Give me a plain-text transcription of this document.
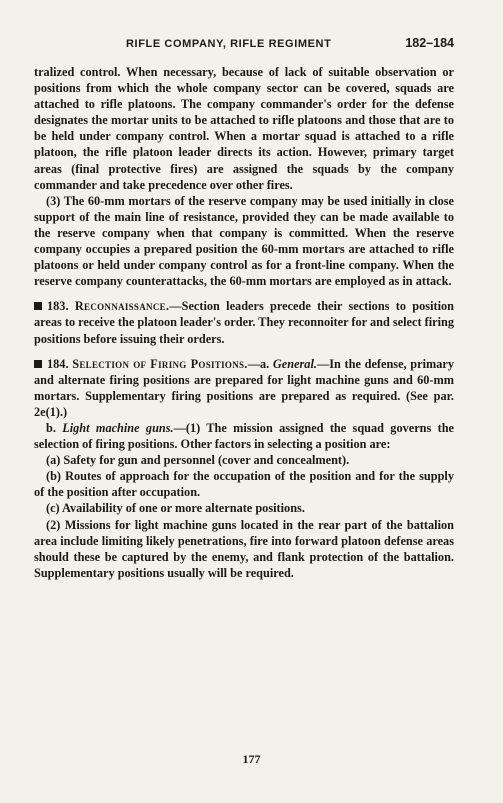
RIFLE COMPANY, RIFLE REGIMENT	182–184

tralized control. When necessary, because of lack of suitable observation or positions from which the whole company sector can be covered, squads are attached to rifle platoons. The company commander's order for the defense designates the mortar units to be attached to rifle platoons and those that are to be held under company control. When a mortar squad is attached to a rifle platoon, the rifle platoon leader directs its action. However, primary target areas (final protective fires) are assigned the squads by the company commander and take precedence over other fires.

(3) The 60-mm mortars of the reserve company may be used initially in close support of the main line of resistance, provided they can be made available to the reserve company when that company is committed. When the reserve company occupies a prepared position the 60-mm mortars are attached to rifle platoons or held under company control as for a front-line company. When the reserve company counterattacks, the 60-mm mortars are employed as in attack.

183. Reconnaissance.—Section leaders precede their sections to position areas to receive the platoon leader's order. They reconnoiter for and select firing positions before issuing their orders.

184. Selection of Firing Positions.—a. General.—In the defense, primary and alternate firing positions are prepared for light machine guns and 60-mm mortars. Supplementary firing positions are prepared as required. (See par. 2e(1).)

b. Light machine guns.—(1) The mission assigned the squad governs the selection of firing positions. Other factors in selecting a position are:

(a) Safety for gun and personnel (cover and concealment).

(b) Routes of approach for the occupation of the position and for the supply of the position after occupation.

(c) Availability of one or more alternate positions.

(2) Missions for light machine guns located in the rear part of the battalion area include limiting likely penetrations, fire into forward platoon defense areas should these be captured by the enemy, and flank protection of the battalion. Supplementary positions usually will be required.

177
